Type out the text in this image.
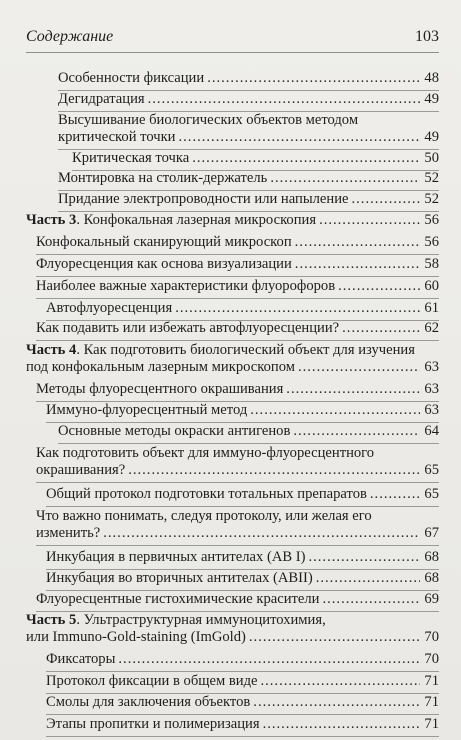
Содержание	103
Особенности фиксации .....	48
Дегидратация .....	49
Высушивание биологических объектов методом
критической точки .....	49
Критическая точка .....	50
Монтировка на столик-держатель .....	52
Придание электропроводности или напыление .....	52
Часть 3 . Конфокальная лазерная микроскопия .....	56
Конфокальный сканирующий микроскоп .....	56
Флуоресценция как основа визуализации .....	58
Наиболее важные характеристики флуорофоров .....	60
Автофлуоресценция .....	61
Как подавить или избежать автофлуоресценции? .....	62
Часть 4 . Как подготовить биологический объект для изучения
под конфокальным лазерным микроскопом .....	63
Методы флуоресцентного окрашивания .....	63
Иммуно-флуоресцентный метод .....	63
Основные методы окраски антигенов .....	64
Как подготовить объект для иммуно-флуоресцентного
окрашивания? .....	65
Общий протокол подготовки тотальных препаратов .....	65
Что важно понимать, следуя протоколу, или желая его
изменить? .....	67
Инкубация в первичных антителах (AB I) .....	68
Инкубация во вторичных антителах (ABII) .....	68
Флуоресцентные гистохимические красители .....	69
Часть 5 . Ультраструктурная иммуноцитохимия,
или Immuno-Gold-staining (ImGold) .....	70
Фиксаторы .....	70
Протокол фиксации в общем виде .....	71
Смолы для заключения объектов .....	71
Этапы пропитки и полимеризация .....	71
